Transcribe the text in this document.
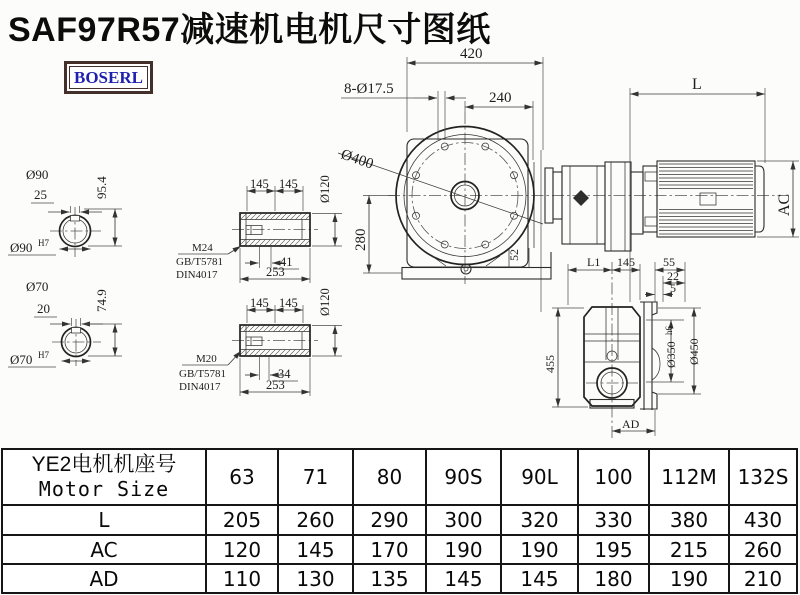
25
Ø90
95.4
Ø90 H7
20
Ø70
74.9
Ø70 H7
145 145 Ø120
41
253
M24
GB/T5781
DIN4017
145 145 Ø120
34
253
M20
GB/T5781
DIN4017
Ø400
52
420
240
8-Ø17.5
280
L
AC
L1 145 55
22
5
455	Ø350
h6
Ø450
AD
SAF97R57减速机电机尺寸图纸
BOSERL
YE2电机机座号
Motor Size	63	71	80	90S	90L	100	112M	132S
L	205	260	290	300	320	330	380	430
AC	120	145	170	190	190	195	215	260
AD	110	130	135	145	145	180	190	210
